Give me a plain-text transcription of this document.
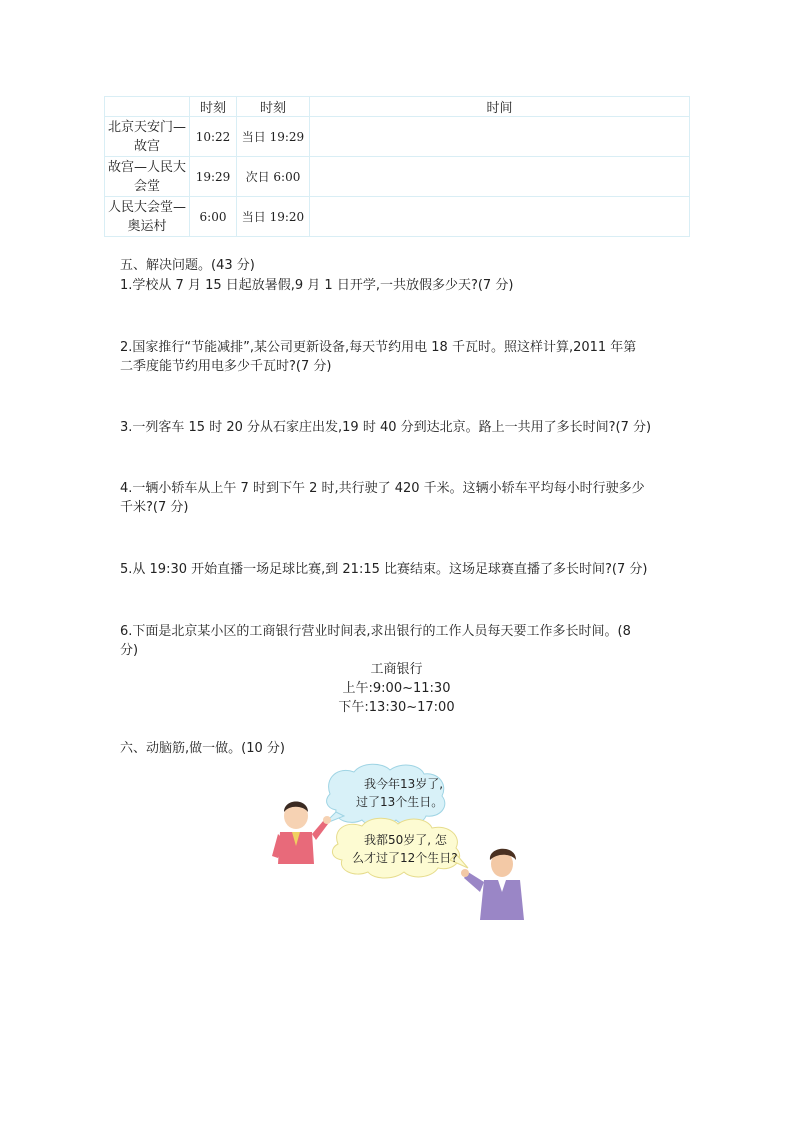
	时刻	时刻	时间
北京天安门—故宫	10:22	当日 19:29	
故宫—人民大会堂	19:29	次日 6:00	
人民大会堂—奥运村	6:00	当日 19:20	
五、解决问题。(43 分)
1.学校从 7 月 15 日起放暑假,9 月 1 日开学,一共放假多少天?(7 分)
2.国家推行“节能减排”,某公司更新设备,每天节约用电 18 千瓦时。照这样计算,2011 年第
二季度能节约用电多少千瓦时?(7 分)
3.一列客车 15 时 20 分从石家庄出发,19 时 40 分到达北京。路上一共用了多长时间?(7 分)
4.一辆小轿车从上午 7 时到下午 2 时,共行驶了 420 千米。这辆小轿车平均每小时行驶多少
千米?(7 分)
5.从 19:30 开始直播一场足球比赛,到 21:15 比赛结束。这场足球赛直播了多长时间?(7 分)
6.下面是北京某小区的工商银行营业时间表,求出银行的工作人员每天要工作多长时间。(8
分)
工商银行
上午:9:00~11:30
下午:13:30~17:00
六、动脑筋,做一做。(10 分)
我今年13岁了,
过了13个生日。
我都50岁了, 怎
么才过了12个生日?
